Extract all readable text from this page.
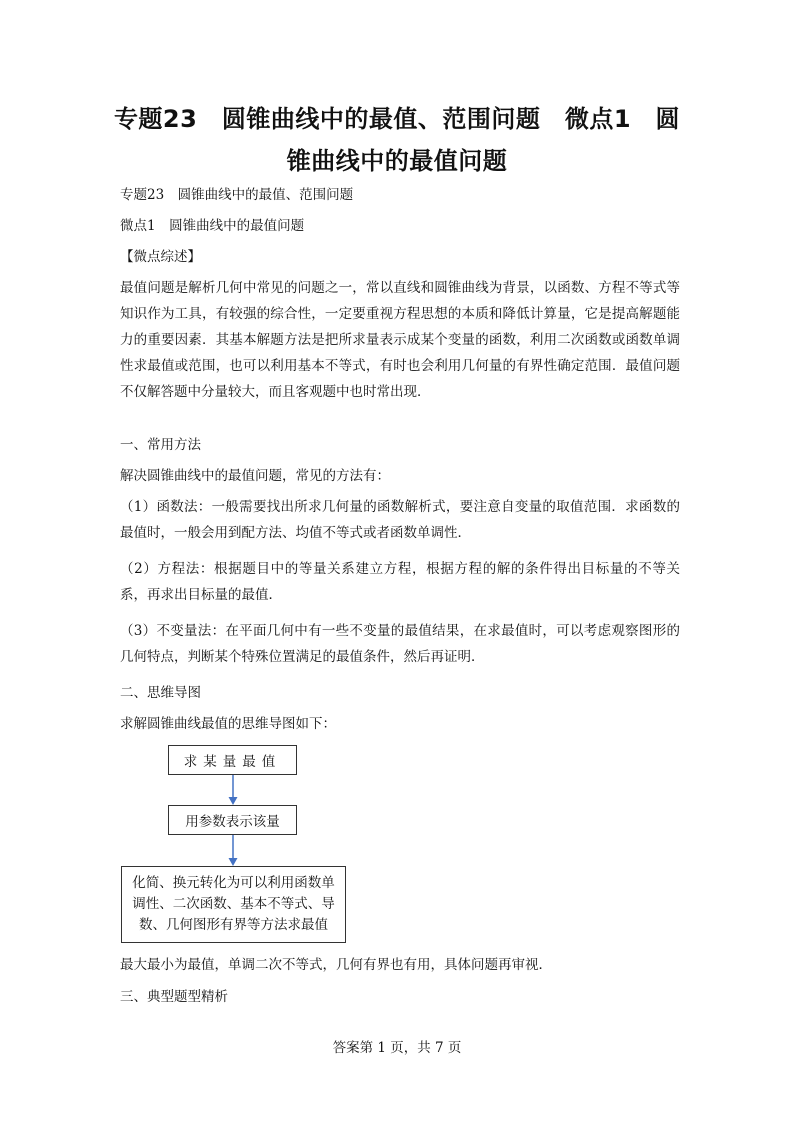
专题23　圆锥曲线中的最值、范围问题　微点1　圆
锥曲线中的最值问题

专题23　圆锥曲线中的最值、范围问题

微点1　圆锥曲线中的最值问题

【微点综述】

最值问题是解析几何中常见的问题之一，常以直线和圆锥曲线为背景，以函数、方程不等式等知识作为工具，有较强的综合性，一定要重视方程思想的本质和降低计算量，它是提高解题能力的重要因素．其基本解题方法是把所求量表示成某个变量的函数，利用二次函数或函数单调性求最值或范围，也可以利用基本不等式，有时也会利用几何量的有界性确定范围．最值问题不仅解答题中分量较大，而且客观题中也时常出现．

一、常用方法

解决圆锥曲线中的最值问题，常见的方法有：

（1）函数法：一般需要找出所求几何量的函数解析式，要注意自变量的取值范围．求函数的最值时，一般会用到配方法、均值不等式或者函数单调性．

（2）方程法：根据题目中的等量关系建立方程，根据方程的解的条件得出目标量的不等关系，再求出目标量的最值．

（3）不变量法：在平面几何中有一些不变量的最值结果，在求最值时，可以考虑观察图形的几何特点，判断某个特殊位置满足的最值条件，然后再证明．

二、思维导图

求解圆锥曲线最值的思维导图如下：

求某量最值
用参数表示该量
化简、换元转化为可以利用函数单调性、二次函数、基本不等式、导数、几何图形有界等方法求最值

最大最小为最值，单调二次不等式，几何有界也有用，具体问题再审视．

三、典型题型精析

答案第 1 页，共 7 页
